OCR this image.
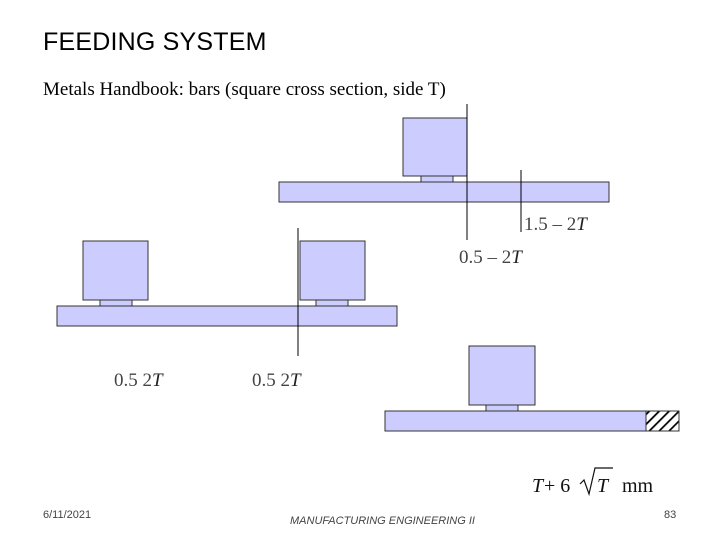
FEEDING SYSTEM
Metals Handbook: bars (square cross section, side T)
1.5 – 2T
0.5 – 2T
0.5 2T	0.5 2T
T + 6 T mm
6/11/2021	MANUFACTURING ENGINEERING II	83
